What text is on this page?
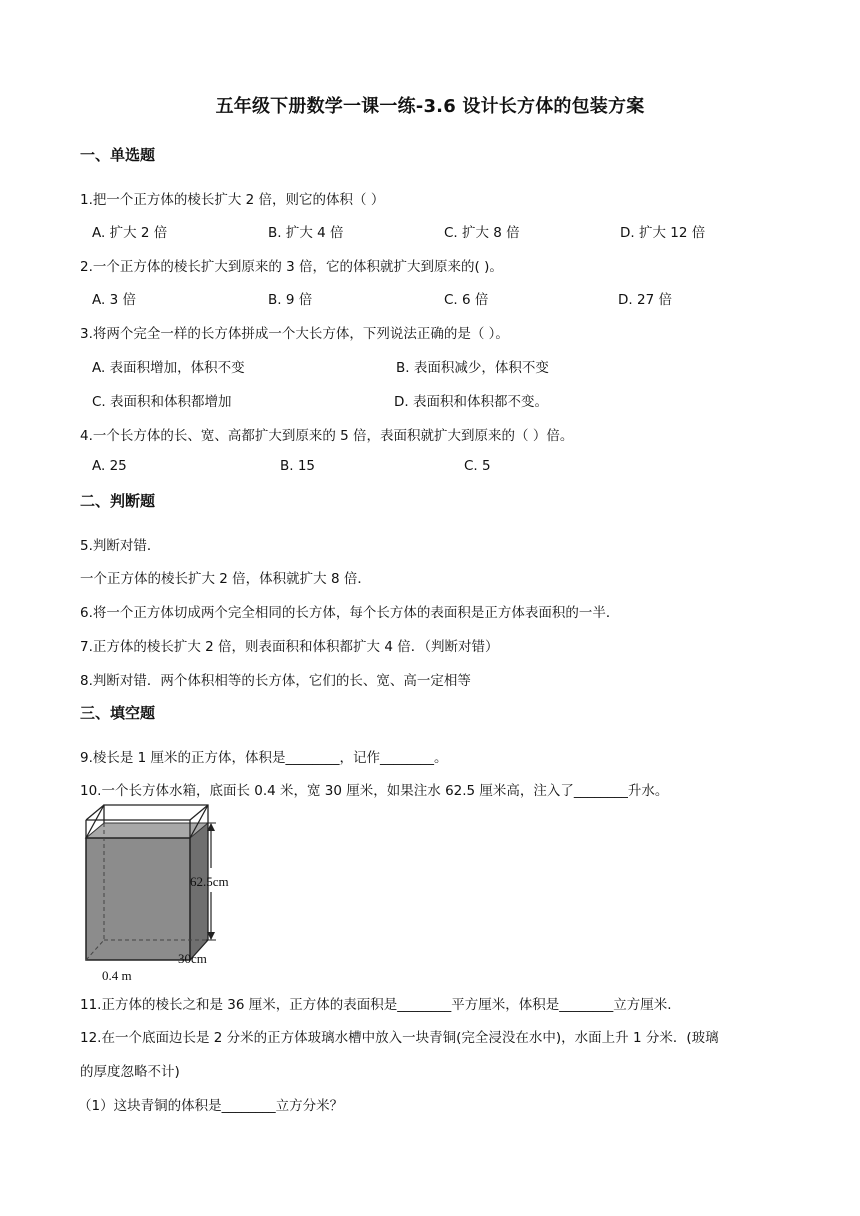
五年级下册数学一课一练-3.6 设计长方体的包装方案
一、单选题
1.把一个正方体的棱长扩大 2 倍，则它的体积（ ）
A. 扩大 2 倍	B. 扩大 4 倍	C. 扩大 8 倍	D. 扩大 12 倍
2.一个正方体的棱长扩大到原来的 3 倍，它的体积就扩大到原来的( )。
A. 3 倍	B. 9 倍	C. 6 倍	D. 27 倍
3.将两个完全一样的长方体拼成一个大长方体，下列说法正确的是（ ）。
A. 表面积增加，体积不变	B. 表面积减少，体积不变
C. 表面积和体积都增加	D. 表面积和体积都不变。
4.一个长方体的长、宽、高都扩大到原来的 5 倍，表面积就扩大到原来的（ ）倍。
A. 25	B. 15	C. 5
二、判断题
5.判断对错．
一个正方体的棱长扩大 2 倍，体积就扩大 8 倍．
6.将一个正方体切成两个完全相同的长方体，每个长方体的表面积是正方体表面积的一半．
7.正方体的棱长扩大 2 倍，则表面积和体积都扩大 4 倍．（判断对错）
8.判断对错．两个体积相等的长方体，它们的长、宽、高一定相等
三、填空题
9.棱长是 1 厘米的正方体，体积是________，记作________。
10.一个长方体水箱，底面长 0.4 米，宽 30 厘米，如果注水 62.5 厘米高，注入了________升水。
62.5cm
30cm
0.4 m
11.正方体的棱长之和是 36 厘米，正方体的表面积是________平方厘米，体积是________立方厘米.
12.在一个底面边长是 2 分米的正方体玻璃水槽中放入一块青铜(完全浸没在水中)，水面上升 1 分米．(玻璃
的厚度忽略不计)
（1）这块青铜的体积是________立方分米？
